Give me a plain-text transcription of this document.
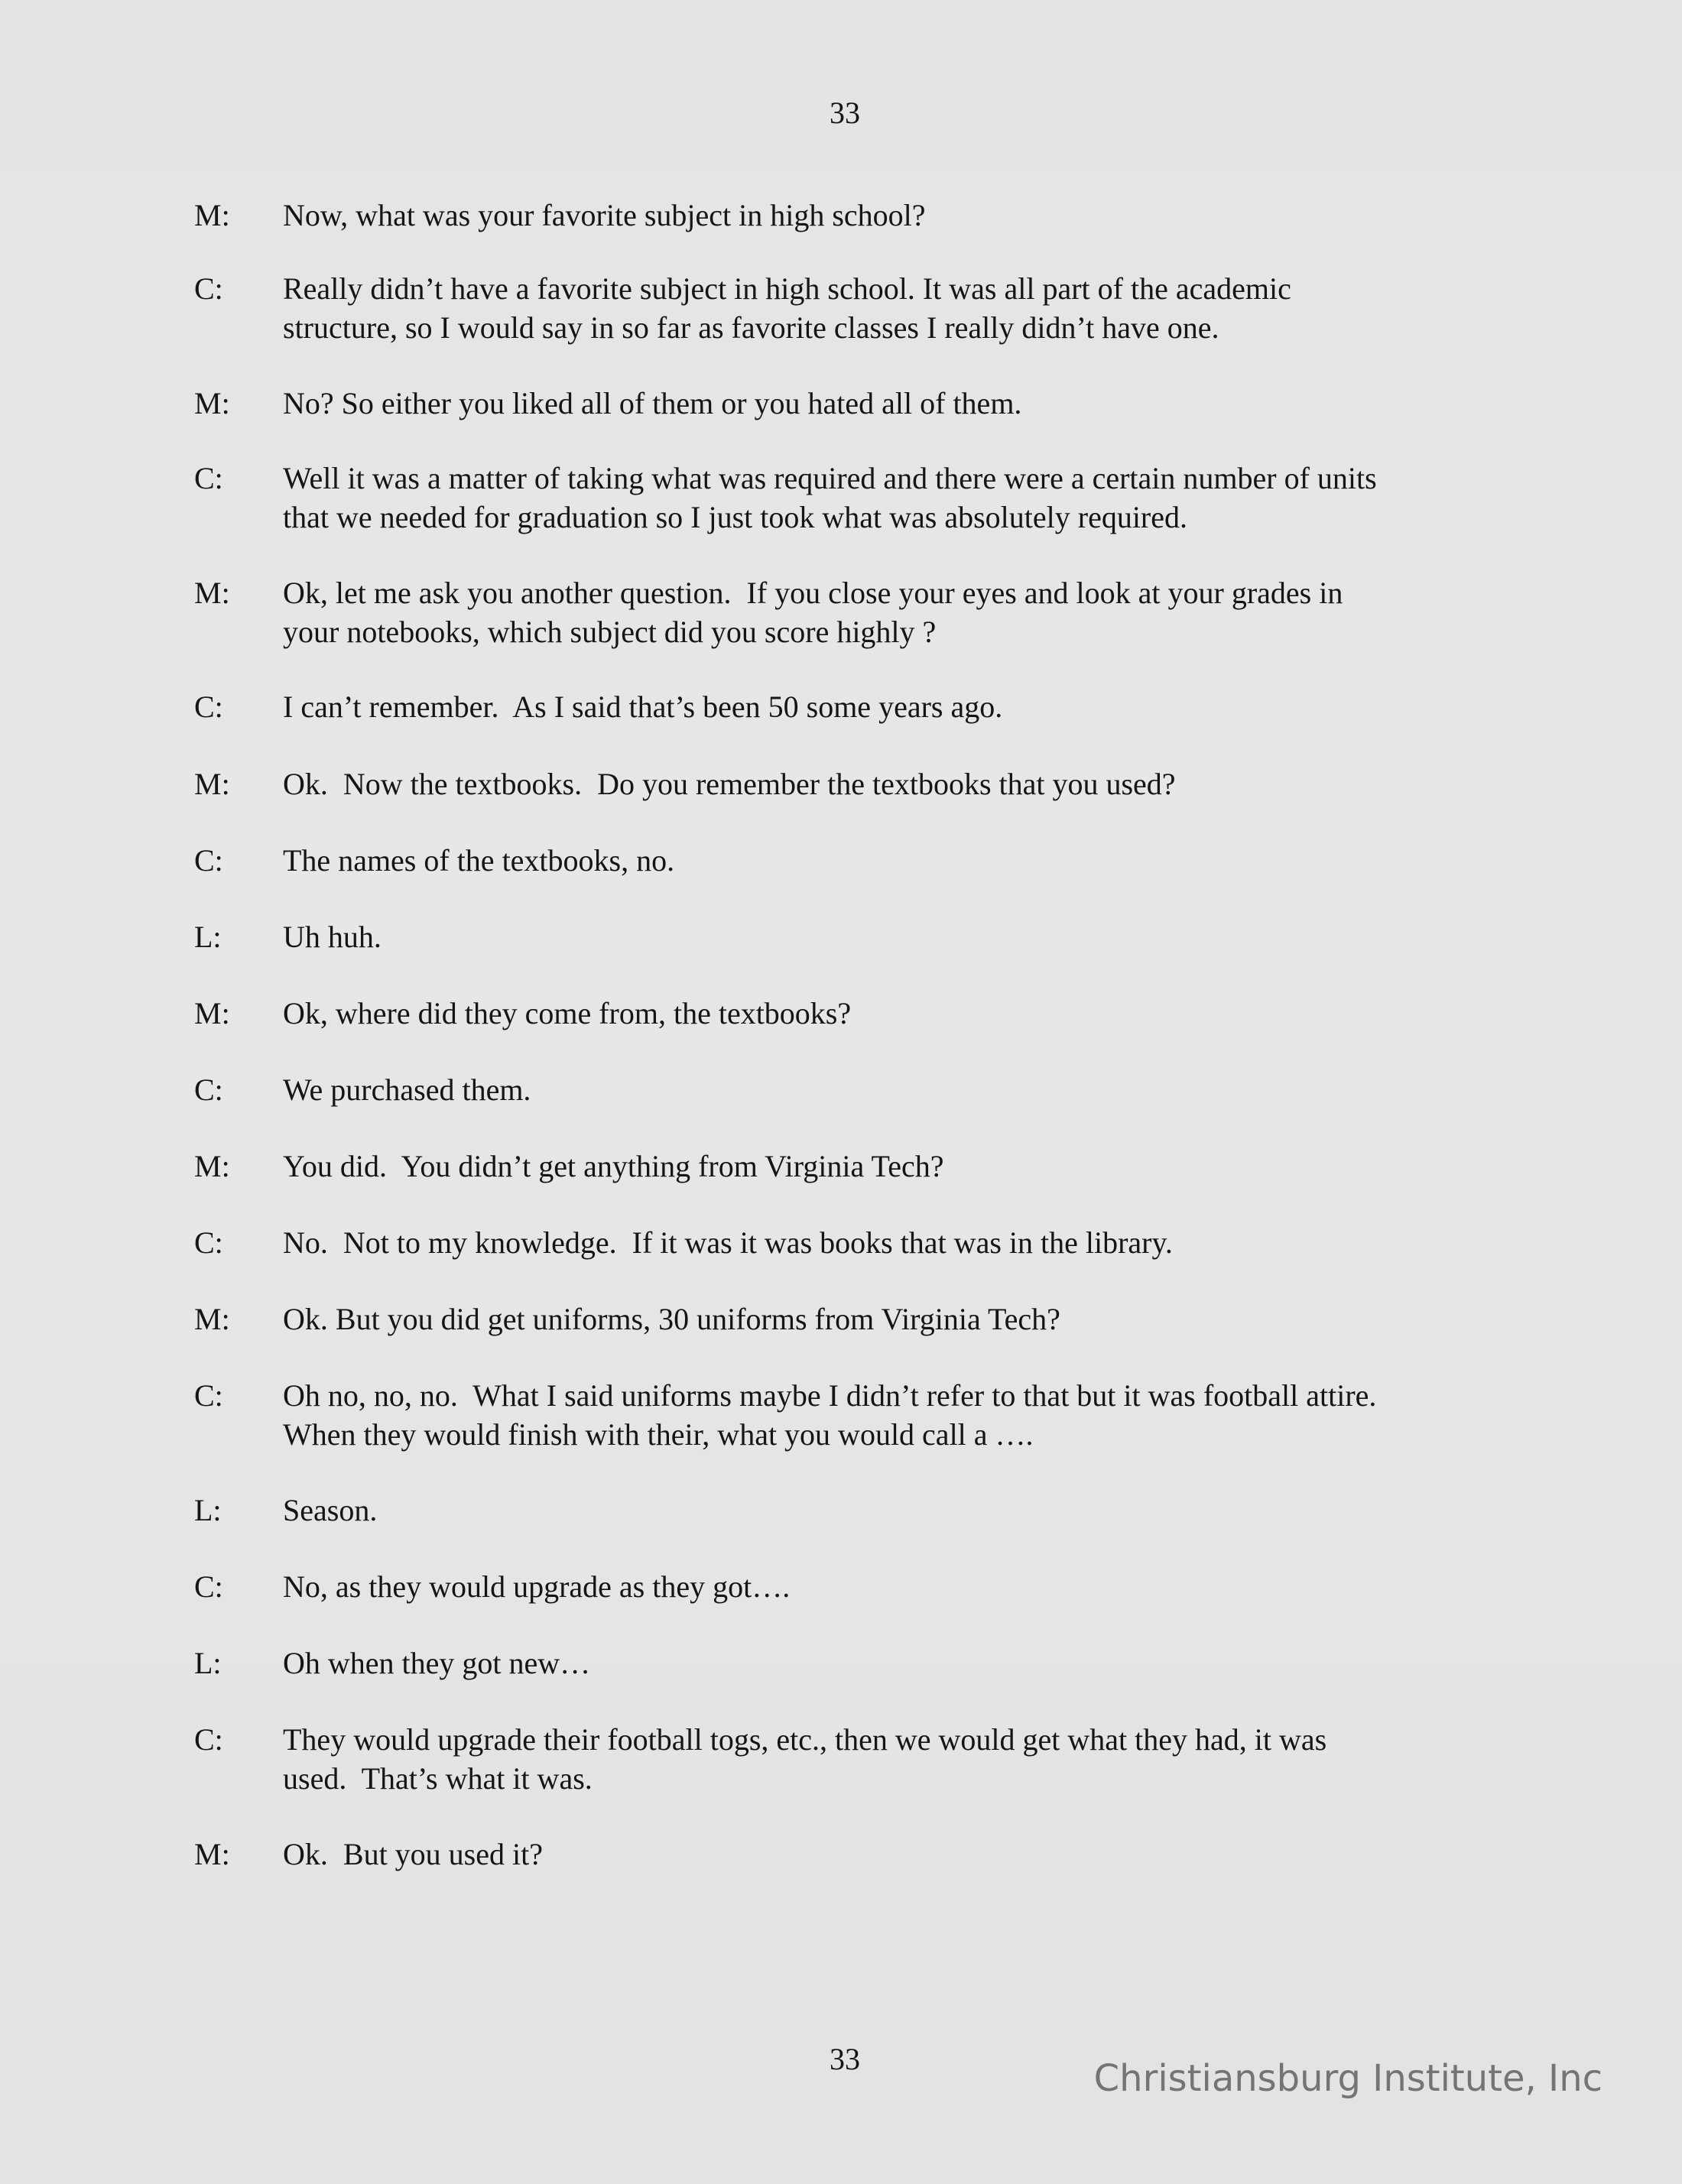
33
M:	Now, what was your favorite subject in high school?
C:	Really didn’t have a favorite subject in high school. It was all part of the academic
structure, so I would say in so far as favorite classes I really didn’t have one.
M:	No? So either you liked all of them or you hated all of them.
C:	Well it was a matter of taking what was required and there were a certain number of units
that we needed for graduation so I just took what was absolutely required.
M:	Ok, let me ask you another question.  If you close your eyes and look at your grades in
your notebooks, which subject did you score highly ?
C:	I can’t remember.  As I said that’s been 50 some years ago.
M:	Ok.  Now the textbooks.  Do you remember the textbooks that you used?
C:	The names of the textbooks, no.
L:	Uh huh.
M:	Ok, where did they come from, the textbooks?
C:	We purchased them.
M:	You did.  You didn’t get anything from Virginia Tech?
C:	No.  Not to my knowledge.  If it was it was books that was in the library.
M:	Ok. But you did get uniforms, 30 uniforms from Virginia Tech?
C:	Oh no, no, no.  What I said uniforms maybe I didn’t refer to that but it was football attire.
When they would finish with their, what you would call a ….
L:	Season.
C:	No, as they would upgrade as they got….
L:	Oh when they got new…
C:	They would upgrade their football togs, etc., then we would get what they had, it was
used.  That’s what it was.
M:	Ok.  But you used it?
33	Christiansburg Institute, Inc
